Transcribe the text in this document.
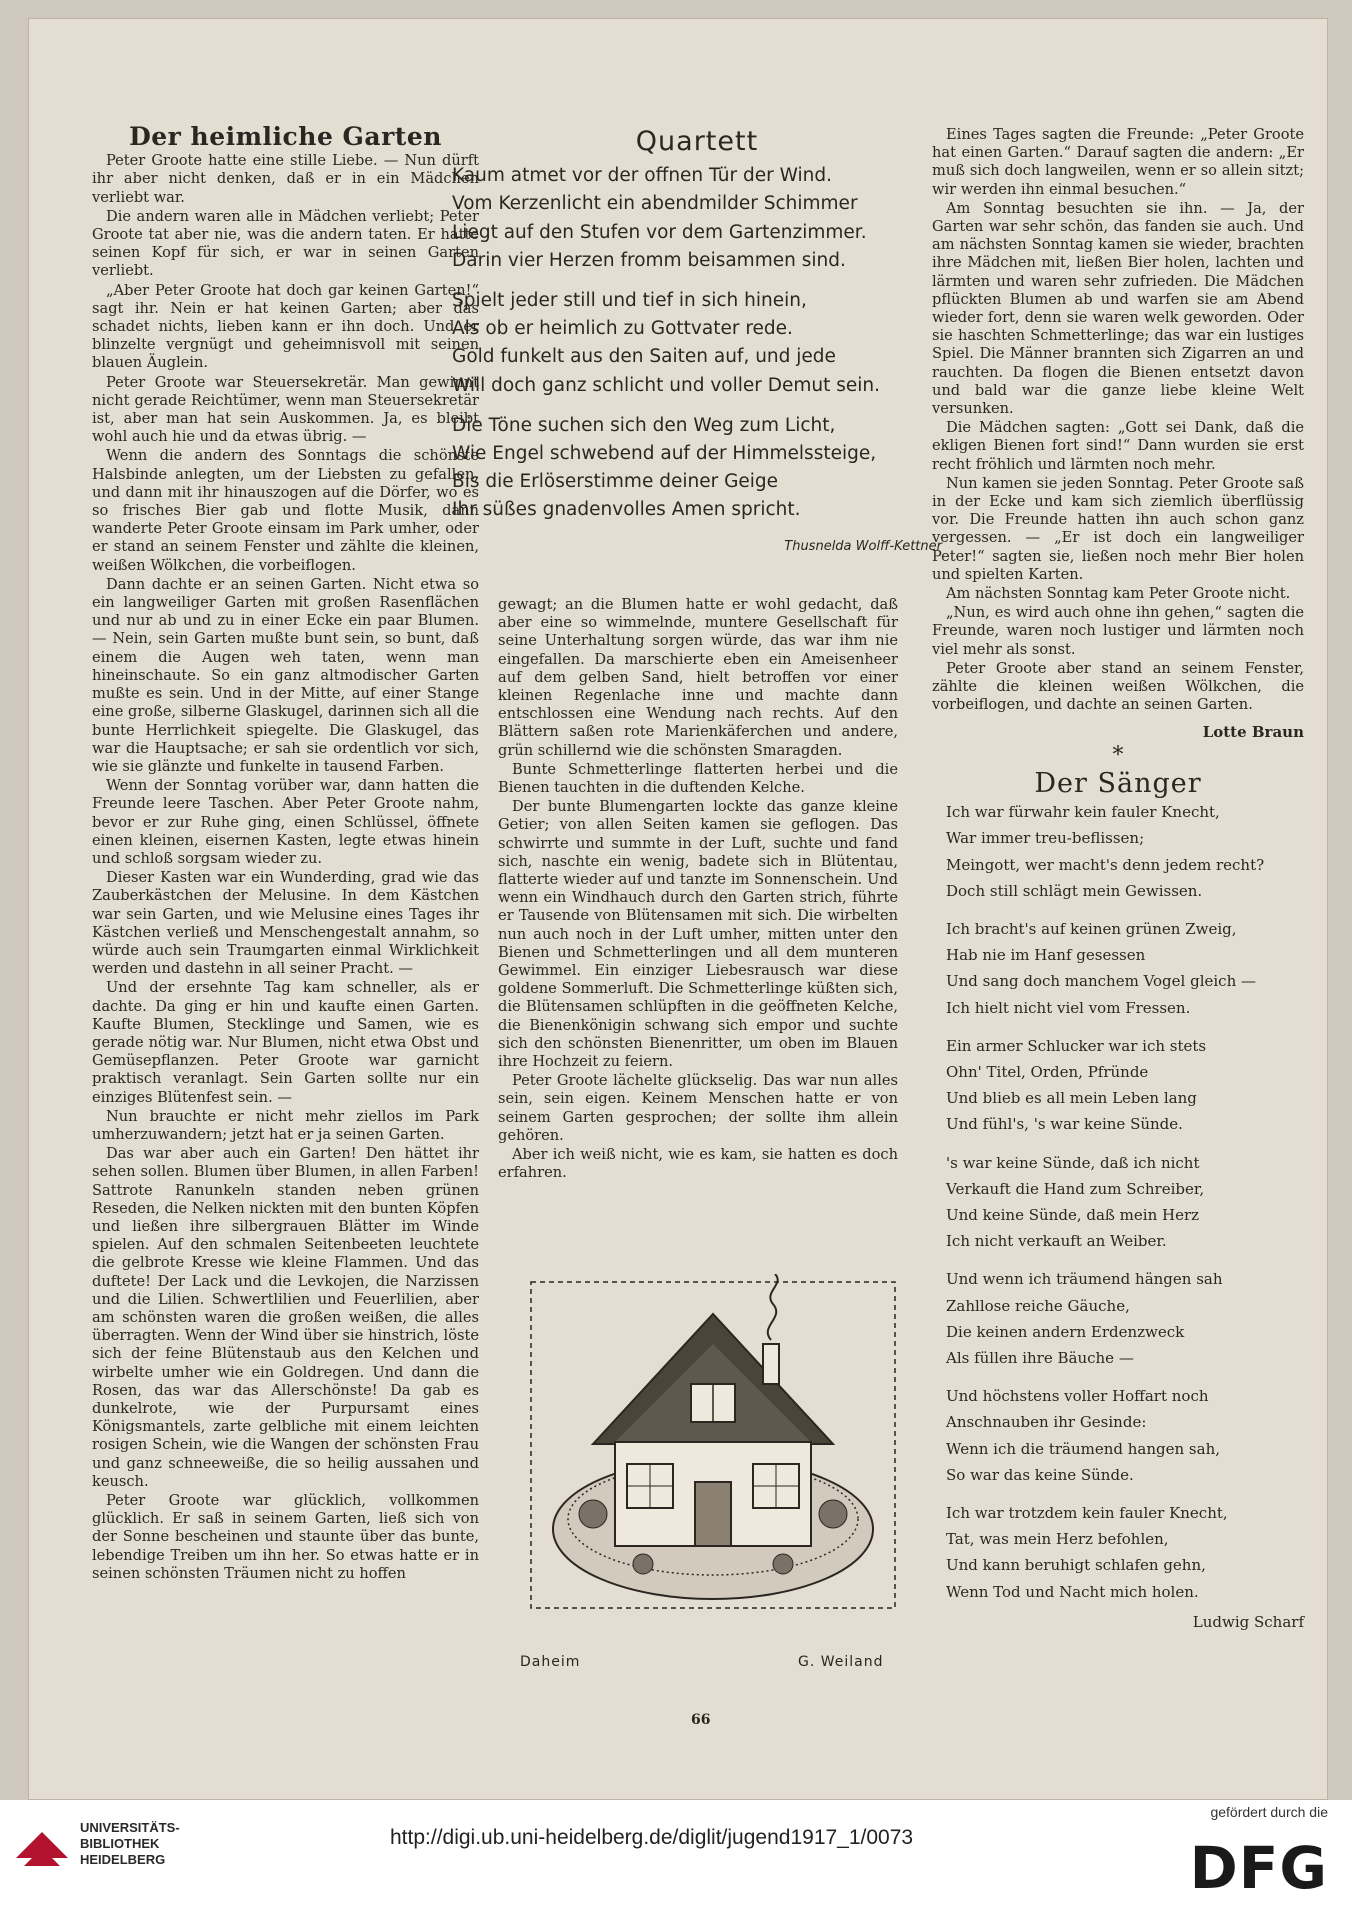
Der heimliche Garten

Peter Groote hatte eine stille Liebe. — Nun dürft ihr aber nicht denken, daß er in ein Mädchen verliebt war.

Die andern waren alle in Mädchen verliebt; Peter Groote tat aber nie, was die andern taten. Er hatte seinen Kopf für sich, er war in seinen Garten verliebt.

„Aber Peter Groote hat doch gar keinen Garten!“ sagt ihr. Nein er hat keinen Garten; aber das schadet nichts, lieben kann er ihn doch. Und er blinzelte vergnügt und geheimnisvoll mit seinen blauen Äuglein.

Peter Groote war Steuersekretär. Man gewinnt nicht gerade Reichtümer, wenn man Steuersekretär ist, aber man hat sein Auskommen. Ja, es bleibt wohl auch hie und da etwas übrig. —

Wenn die andern des Sonntags die schönste Halsbinde anlegten, um der Liebsten zu gefallen, und dann mit ihr hinauszogen auf die Dörfer, wo es so frisches Bier gab und flotte Musik, dann wanderte Peter Groote einsam im Park umher, oder er stand an seinem Fenster und zählte die kleinen, weißen Wölkchen, die vorbeiflogen.

Dann dachte er an seinen Garten. Nicht etwa so ein langweiliger Garten mit großen Rasenflächen und nur ab und zu in einer Ecke ein paar Blumen. — Nein, sein Garten mußte bunt sein, so bunt, daß einem die Augen weh taten, wenn man hineinschaute. So ein ganz altmodischer Garten mußte es sein. Und in der Mitte, auf einer Stange eine große, silberne Glaskugel, darinnen sich all die bunte Herrlichkeit spiegelte. Die Glaskugel, das war die Hauptsache; er sah sie ordentlich vor sich, wie sie glänzte und funkelte in tausend Farben.

Wenn der Sonntag vorüber war, dann hatten die Freunde leere Taschen. Aber Peter Groote nahm, bevor er zur Ruhe ging, einen Schlüssel, öffnete einen kleinen, eisernen Kasten, legte etwas hinein und schloß sorgsam wieder zu.

Dieser Kasten war ein Wunderding, grad wie das Zauberkästchen der Melusine. In dem Kästchen war sein Garten, und wie Melusine eines Tages ihr Kästchen verließ und Menschengestalt annahm, so würde auch sein Traumgarten einmal Wirklichkeit werden und dastehn in all seiner Pracht. —

Und der ersehnte Tag kam schneller, als er dachte. Da ging er hin und kaufte einen Garten. Kaufte Blumen, Stecklinge und Samen, wie es gerade nötig war. Nur Blumen, nicht etwa Obst und Gemüsepflanzen. Peter Groote war garnicht praktisch veranlagt. Sein Garten sollte nur ein einziges Blütenfest sein. —

Nun brauchte er nicht mehr ziellos im Park umherzuwandern; jetzt hat er ja seinen Garten.

Das war aber auch ein Garten! Den hättet ihr sehen sollen. Blumen über Blumen, in allen Farben! Sattrote Ranunkeln standen neben grünen Reseden, die Nelken nickten mit den bunten Köpfen und ließen ihre silbergrauen Blätter im Winde spielen. Auf den schmalen Seitenbeeten leuchtete die gelbrote Kresse wie kleine Flammen. Und das duftete! Der Lack und die Levkojen, die Narzissen und die Lilien. Schwertlilien und Feuerlilien, aber am schönsten waren die großen weißen, die alles überragten. Wenn der Wind über sie hinstrich, löste sich der feine Blütenstaub aus den Kelchen und wirbelte umher wie ein Goldregen. Und dann die Rosen, das war das Allerschönste! Da gab es dunkelrote, wie der Purpursamt eines Königsmantels, zarte gelbliche mit einem leichten rosigen Schein, wie die Wangen der schönsten Frau und ganz schneeweiße, die so heilig aussahen und keusch.

Peter Groote war glücklich, vollkommen glücklich. Er saß in seinem Garten, ließ sich von der Sonne bescheinen und staunte über das bunte, lebendige Treiben um ihn her. So etwas hatte er in seinen schönsten Träumen nicht zu hoffen

Quartett
Kaum atmet vor der offnen Tür der Wind.
Vom Kerzenlicht ein abendmilder Schimmer
Liegt auf den Stufen vor dem Gartenzimmer.
Darin vier Herzen fromm beisammen sind.
Spielt jeder still und tief in sich hinein,
Als ob er heimlich zu Gottvater rede.
Gold funkelt aus den Saiten auf, und jede
Will doch ganz schlicht und voller Demut sein.
Die Töne suchen sich den Weg zum Licht,
Wie Engel schwebend auf der Himmelssteige,
Bis die Erlöserstimme deiner Geige
Ihr süßes gnadenvolles Amen spricht.
Thusnelda Wolff-Kettner

gewagt; an die Blumen hatte er wohl gedacht, daß aber eine so wimmelnde, muntere Gesellschaft für seine Unterhaltung sorgen würde, das war ihm nie eingefallen. Da marschierte eben ein Ameisenheer auf dem gelben Sand, hielt betroffen vor einer kleinen Regenlache inne und machte dann entschlossen eine Wendung nach rechts. Auf den Blättern saßen rote Marienkäferchen und andere, grün schillernd wie die schönsten Smaragden.

Bunte Schmetterlinge flatterten herbei und die Bienen tauchten in die duftenden Kelche.

Der bunte Blumengarten lockte das ganze kleine Getier; von allen Seiten kamen sie geflogen. Das schwirrte und summte in der Luft, suchte und fand sich, naschte ein wenig, badete sich in Blütentau, flatterte wieder auf und tanzte im Sonnenschein. Und wenn ein Windhauch durch den Garten strich, führte er Tausende von Blütensamen mit sich. Die wirbelten nun auch noch in der Luft umher, mitten unter den Bienen und Schmetterlingen und all dem munteren Gewimmel. Ein einziger Liebesrausch war diese goldene Sommerluft. Die Schmetterlinge küßten sich, die Blütensamen schlüpften in die geöffneten Kelche, die Bienenkönigin schwang sich empor und suchte sich den schönsten Bienenritter, um oben im Blauen ihre Hochzeit zu feiern.

Peter Groote lächelte glückselig. Das war nun alles sein, sein eigen. Keinem Menschen hatte er von seinem Garten gesprochen; der sollte ihm allein gehören.

Aber ich weiß nicht, wie es kam, sie hatten es doch erfahren.

Daheim	G. Weiland
66

Eines Tages sagten die Freunde: „Peter Groote hat einen Garten.“ Darauf sagten die andern: „Er muß sich doch langweilen, wenn er so allein sitzt; wir werden ihn einmal besuchen.“

Am Sonntag besuchten sie ihn. — Ja, der Garten war sehr schön, das fanden sie auch. Und am nächsten Sonntag kamen sie wieder, brachten ihre Mädchen mit, ließen Bier holen, lachten und lärmten und waren sehr zufrieden. Die Mädchen pflückten Blumen ab und warfen sie am Abend wieder fort, denn sie waren welk geworden. Oder sie haschten Schmetterlinge; das war ein lustiges Spiel. Die Männer brannten sich Zigarren an und rauchten. Da flogen die Bienen entsetzt davon und bald war die ganze liebe kleine Welt versunken.

Die Mädchen sagten: „Gott sei Dank, daß die ekligen Bienen fort sind!“ Dann wurden sie erst recht fröhlich und lärmten noch mehr.

Nun kamen sie jeden Sonntag. Peter Groote saß in der Ecke und kam sich ziemlich überflüssig vor. Die Freunde hatten ihn auch schon ganz vergessen. — „Er ist doch ein langweiliger Peter!“ sagten sie, ließen noch mehr Bier holen und spielten Karten.

Am nächsten Sonntag kam Peter Groote nicht.

„Nun, es wird auch ohne ihn gehen,“ sagten die Freunde, waren noch lustiger und lärmten noch viel mehr als sonst.

Peter Groote aber stand an seinem Fenster, zählte die kleinen weißen Wölkchen, die vorbeiflogen, und dachte an seinen Garten.

Lotte Braun
*
Der Sänger
Ich war fürwahr kein fauler Knecht,
War immer treu-beflissen;
Meingott, wer macht's denn jedem recht?
Doch still schlägt mein Gewissen.
Ich bracht's auf keinen grünen Zweig,
Hab nie im Hanf gesessen
Und sang doch manchem Vogel gleich —
Ich hielt nicht viel vom Fressen.
Ein armer Schlucker war ich stets
Ohn' Titel, Orden, Pfründe
Und blieb es all mein Leben lang
Und fühl's, 's war keine Sünde.
's war keine Sünde, daß ich nicht
Verkauft die Hand zum Schreiber,
Und keine Sünde, daß mein Herz
Ich nicht verkauft an Weiber.
Und wenn ich träumend hängen sah
Zahllose reiche Gäuche,
Die keinen andern Erdenzweck
Als füllen ihre Bäuche —
Und höchstens voller Hoffart noch
Anschnauben ihr Gesinde:
Wenn ich die träumend hangen sah,
So war das keine Sünde.
Ich war trotzdem kein fauler Knecht,
Tat, was mein Herz befohlen,
Und kann beruhigt schlafen gehn,
Wenn Tod und Nacht mich holen.
Ludwig Scharf
UNIVERSITÄTS-
BIBLIOTHEK
HEIDELBERG
http://digi.ub.uni-heidelberg.de/diglit/jugend1917_1/0073
gefördert durch die
DFG
